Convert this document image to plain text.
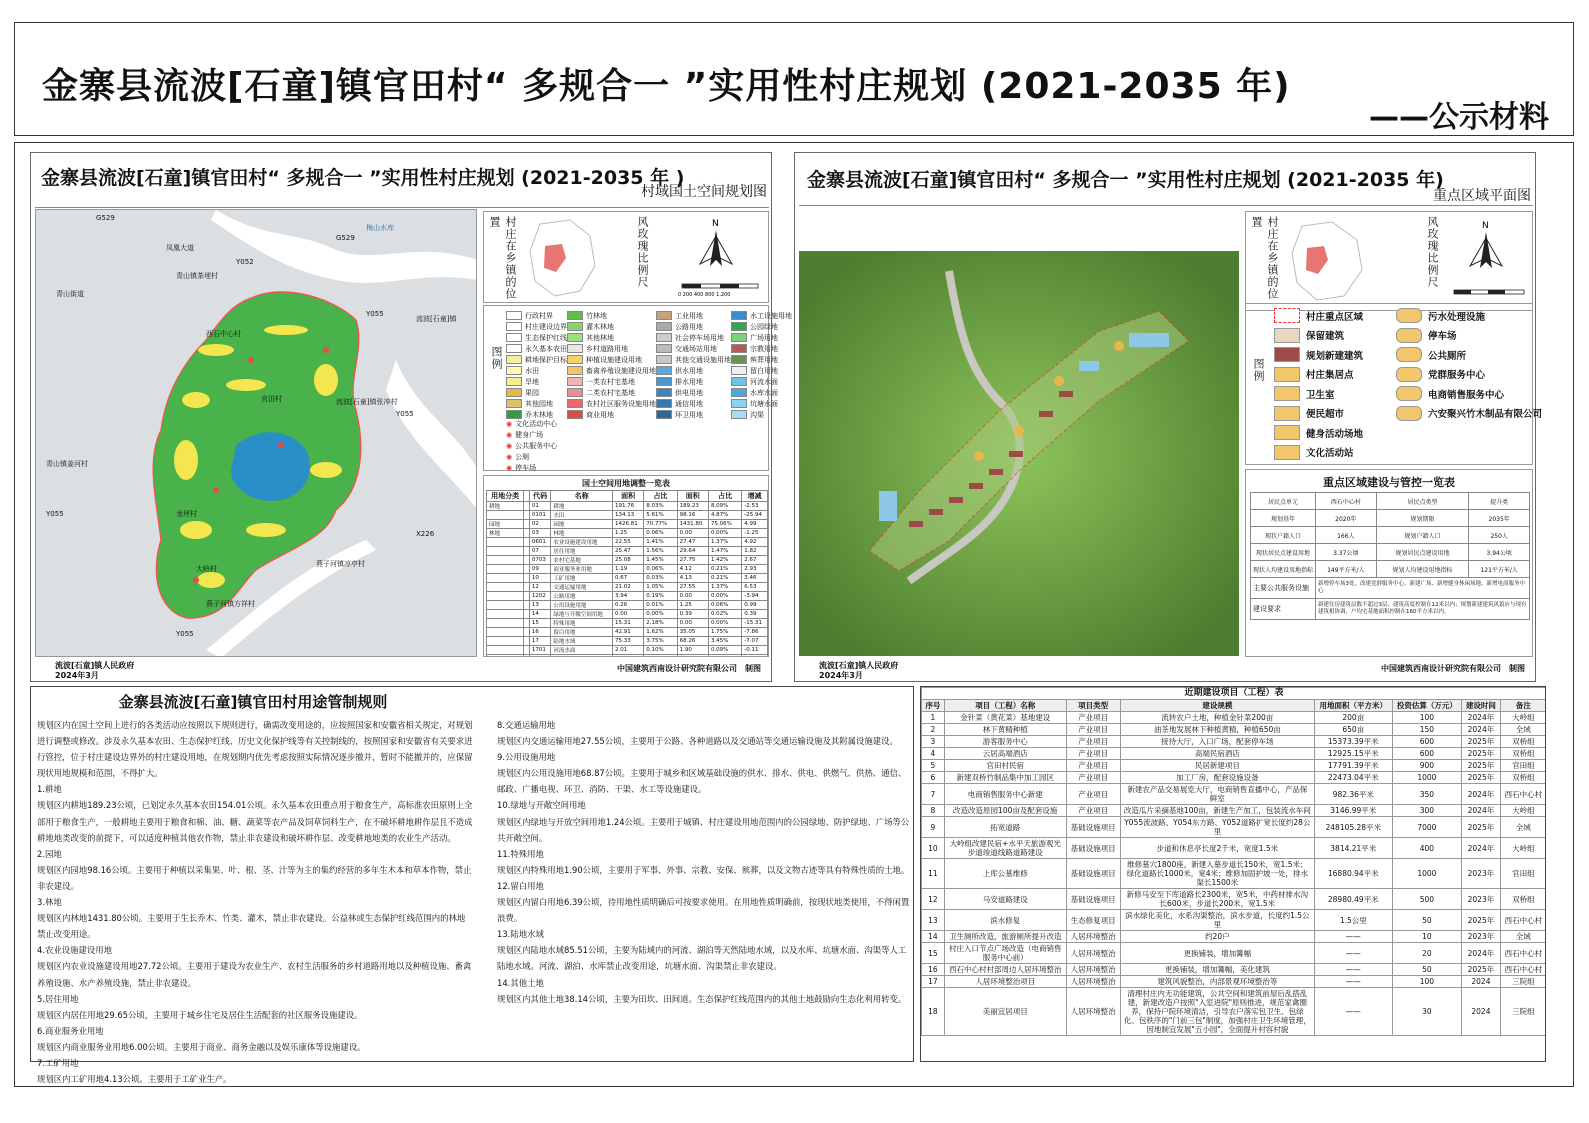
金寨县流波[石童]镇官田村“ 多规合一 ”实用性村庄规划 (2021-2035 年)
——公示材料
金寨县流波[石童]镇官田村“ 多规合一 ”实用性村庄规划 (2021-2035 年 )
村域国土空间规划图
G529
G529
Y052
Y055
Y055
Y055
Y055
X226
凤凰大道
梅山水库
流波[石童]镇
青山街道
青山镇茶埂村
青山镇姜河村
流波[石童]镇张冲村
燕子河镇凉亭村
燕子河镇方祥村
西石中心村
官田村
大岭村
龙坪村
村庄在乡镇的位置	风玫瑰比例尺	N
0 200 400 800 1,200
图例
行政村界	竹林地	工业用地	水工设施用地
村庄建设边界	灌木林地	公路用地	公园绿地
生态保护红线	其他林地	社会停车场用地	广场用地
永久基本农田	乡村道路用地	交通场站用地	宗教用地
耕地保护目标	种植设施建设用地	其他交通设施用地	殡葬用地
水田	畜禽养殖设施建设用地	供水用地	留白用地
旱地	一类农村宅基地	排水用地	河流水面
果园	二类农村宅基地	供电用地	水库水面
其他园地	农村社区服务设施用地	通信用地	坑塘水面
乔木林地	商业用地	环卫用地	沟渠
◉ 文化活动中心
◉ 健身广场
◉ 公共服务中心
◉ 公厕
◉ 停车场
国土空间用地调整一览表
用地分类		代码	名称	面积	占比	面积	占比	增减
耕地		01	耕地	191.76	8.03%	189.23	8.09%	-2.53
		0101	水田	134.13	5.61%	98.16	4.87%	-25.94
园地		02	园地	1426.81	70.77%	1431.80	75.06%	4.99
林地		03	林地	1.25	0.06%	0.00	0.00%	-1.25
		0601	农业设施建设用地	22.55	1.41%	27.47	1.37%	4.92
		07	居住用地	25.47	1.56%	29.64	1.47%	1.82
		0703	农村宅基地	25.08	1.45%	27.75	1.42%	2.67
		09	商业服务业用地	1.19	0.06%	4.12	0.21%	2.93
		10	工矿用地	0.67	0.03%	4.13	0.21%	3.46
		12	交通运输用地	21.02	1.05%	27.55	1.37%	6.53
		1202	公路用地	3.94	0.19%	0.00	0.00%	-3.94
		13	公用设施用地	0.26	0.01%	1.25	0.06%	0.99
		14	绿地与开敞空间用地	0.00	0.00%	0.39	0.02%	0.39
		15	特殊用地	15.31	2.18%	0.00	0.00%	-15.31
		16	留白用地	42.91	1.62%	35.05	1.75%	-7.86
		17	陆地水域	75.33	3.75%	68.26	3.45%	-7.07
		1701	河流水面	2.01	0.10%	1.90	0.09%	-0.11

流波[石童]镇人民政府
2024年3月
中国建筑西南设计研究院有限公司　制图
金寨县流波[石童]镇官田村“ 多规合一 ”实用性村庄规划 (2021-2035 年)
重点区域平面图
村庄在乡镇的位置	风玫瑰比例尺	N
图例
村庄重点区域
保留建筑
规划新建建筑
村庄集居点
卫生室
便民超市
健身活动场地
文化活动站
污水处理设施
停车场
公共厕所
党群服务中心
电商销售服务中心
六安聚兴竹木制品有限公司
重点区域建设与管控一览表
居民点单元	西石中心村	居民点类型	提升类
规划基年	2020年	规划期限	2035年
现状户籍人口	166人	规划户籍人口	250人
现状居民点建设用地	3.37公顷	规划居民点建设用地	3.94公顷
现状人均建设用地指标	149平方米/人	规划人均建设用地指标	121平方米/人
主要公共服务设施	新增停车场3处、改建党群服务中心、新建广场、新增健身休闲场地、新增电商服务中心		
建设要求	新建住房建筑层数不超过3层，建筑高度控制在12米以内；规划新建建筑风貌应与现有建筑相协调，户均宅基地面积控制在160平方米以内。		
流波[石童]镇人民政府
2024年3月
中国建筑西南设计研究院有限公司　制图
金寨县流波[石童]镇官田村用途管制规则

规划区内在国土空间上进行的各类活动应按照以下规则进行，确需改变用途的，应按照国家和安徽省相关规定，对规划进行调整或修改。涉及永久基本农田、生态保护红线、历史文化保护线等有关控制线的，按照国家和安徽省有关要求进行管控，位于村庄建设边界外的村庄建设用地，在规划期内优先考虑按照实际情况逐步撤并，暂时不能撤并的，应保留现状用地规模和范围，不得扩大。

1.耕地

规划区内耕地189.23公顷，已划定永久基本农田154.01公顷。永久基本农田重点用于粮食生产，高标准农田原则上全部用于粮食生产，一般耕地主要用于粮食和棉、油、糖、蔬菜等农产品及饲草饲料生产，在不破坏耕地耕作层且不造成耕地地类改变的前提下，可以适度种植其他农作物，禁止非农建设和破坏耕作层、改变耕地地类的农业生产活动。

2.园地

规划区内园地98.16公顷。主要用于种植以采集果、叶、根、茎、汁等为主的集约经营的多年生木本和草本作物，禁止非农建设。

3.林地

规划区内林地1431.80公顷。主要用于生长乔木、竹类、灌木，禁止非农建设。公益林或生态保护红线范围内的林地禁止改变用途。

4.农业设施建设用地

规划区内农业设施建设用地27.72公顷。主要用于建设为农业生产、农村生活服务的乡村道路用地以及种植设施、畜禽养殖设施、水产养殖设施，禁止非农建设。

5.居住用地

规划区内居住用地29.65公顷，主要用于城乡住宅及居住生活配套的社区服务设施建设。

6.商业服务业用地

规划区内商业服务业用地6.00公顷。主要用于商业、商务金融以及娱乐康体等设施建设。

7.工矿用地

规划区内工矿用地4.13公顷。主要用于工矿业生产。

8.交通运输用地

规划区内交通运输用地27.55公顷，主要用于公路、各种道路以及交通站等交通运输设施及其附属设施建设。

9.公用设施用地

规划区内公用设施用地68.87公顷。主要用于城乡和区域基础设施的供水、排水、供电、供燃气、供热、通信、邮政、广播电视、环卫、消防、干渠、水工等设施建设。

10.绿地与开敞空间用地

规划区内绿地与开放空间用地1.24公顷。主要用于城镇、村庄建设用地范围内的公园绿地、防护绿地、广场等公共开敞空间。

11.特殊用地

规划区内特殊用地1.90公顷，主要用于军事、外事、宗教、安保、殡葬，以及文物古迹等具有特殊性质的土地。

12.留白用地

规划区内留白用地6.39公顷，待用地性质明确后可按要求使用。在用地性质明确前，按现状地类使用，不得闲置浪费。

13.陆地水域

规划区内陆地水域85.51公顷，主要为陆域内的河流、湖泊等天然陆地水域，以及水库、坑塘水面、沟渠等人工陆地水域。河流、湖泊、水库禁止改变用途，坑塘水面、沟渠禁止非农建设。

14.其他土地

规划区内其他土地38.14公顷，主要为田坎、田间道。生态保护红线范围内的其他土地鼓励向生态化利用转变。

近期建设项目（工程）表							
序号	项目（工程）名称	项目类型	建设规模	用地面积（平方米）	投资估算（万元）	建设时间	备注
1	金针菜（黄花菜）基地建设	产业项目	流转农户土地，种植金针菜200亩	200亩	100	2024年	大岭组
2	林下黄精种植	产业项目	油茶地发展林下种植黄精，种植650亩	650亩	150	2024年	全域
3	游客服务中心	产业项目	接待大厅，入口广场，配套停车场	15373.39平米	600	2025年	双桥组
4	云居高端酒店	产业项目	高端民宿酒店	12925.15平米	600	2025年	双桥组
5	官田村民宿	产业项目	民居新建项目	17791.39平米	900	2025年	官田组
6	新建双桥竹制品集中加工园区	产业项目	加工厂房，配套设施设备	22473.04平米	1000	2025年	双桥组
7	电商销售服务中心新建	产业项目	新建农产品交易展览大厅，电商销售直播中心，产品保鲜室	982.36平米	350	2024年	西石中心村
8	改造改造原园100亩及配套设施	产业项目	改造瓜片采摘基地100亩，新建生产加工，包装流水车间	3146.99平米	300	2024年	大岭组
9	拓宽道路	基础设施项目	Y055流波路、Y054东方路、Y052道路扩宽长度约28公里	248105.28平米	7000	2025年	全域
10	大岭组改建民宿+水平天旅游观光步道竣道线路道路建设	基础设施项目	步道和休息亭长度2千米，宽度1.5米	3814.21平米	400	2024年	大岭组
11	上库公墓维修	基础设施项目	维修墓穴1800座，新建入墓步道长150米，宽1.5米；绿化道路长1000米，宽4米；维修加固护坡一处，排水渠长1500米	16880.94平米	1000	2023年	官田组
12	马安道路建设	基础设施项目	新修马安至下库道路长2300米，宽5米，中药材排水沟长600米，步道长200米，宽1.5米	28980.49平米	500	2023年	双桥组
13	滨水修复	生态修复项目	滨水绿化美化，水系沟渠整治，滨水步道，长度约1.5公里	1.5公里	50	2025年	西石中心村
14	卫生厕所改造，旅游厕所提升改造	人居环境整治	约20户	——	10	2023年	全域
15	村庄入口节点广场改造（电商销售服务中心前）	人居环境整治	更换铺装，增加篝幅	——	20	2024年	西石中心村
16	西石中心村村部周边人居环境整治	人居环境整治	更换铺装，增加篝幅，美化建筑	——	50	2025年	西石中心村
17	人居环境整治项目	人居环境整治	建筑风貌整治，内部景观环境整治等	——	100	2024	三院组
18	美丽宜居项目	人居环境整治	清理村庄内无功能建筑，公共空间和建筑前屋后乱搭乱建，新建改造户按照"入室进院"原则推进，规范家禽圈养，保持户院环境清洁，引导农户落实包卫生、包绿化、包秩序的"门前三包"制度，加强村庄卫生环境管理，因地制宜发展"五小园"，全面提升村容村貌	——	30	2024	三院组
